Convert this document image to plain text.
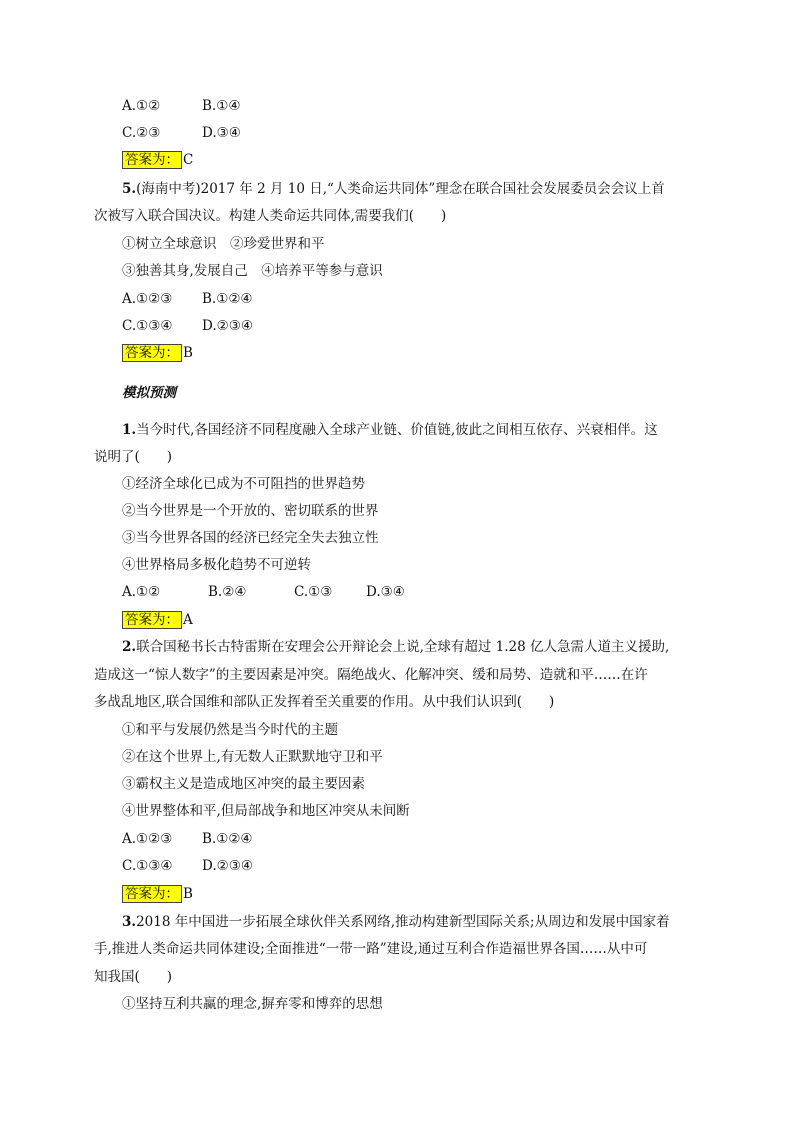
A.①②	B.①④
C.②③	D.③④
答案为： C
5.(海南中考)2017 年 2 月 10 日,“人类命运共同体”理念在联合国社会发展委员会会议上首
次被写入联合国决议。构建人类命运共同体,需要我们(　　)
①树立全球意识　②珍爱世界和平
③独善其身,发展自己　④培养平等参与意识
A.①②③ B.①②④
C.①③④ D.②③④
答案为： B
模拟预测
1.当今时代,各国经济不同程度融入全球产业链、价值链,彼此之间相互依存、兴衰相伴。这
说明了(　　)
①经济全球化已成为不可阻挡的世界趋势
②当今世界是一个开放的、密切联系的世界
③当今世界各国的经济已经完全失去独立性
④世界格局多极化趋势不可逆转
A.①②	B.②④	C.①③ D.③④
答案为： A
2.联合国秘书长古特雷斯在安理会公开辩论会上说,全球有超过 1.28 亿人急需人道主义援助,
造成这一“惊人数字”的主要因素是冲突。隔绝战火、化解冲突、缓和局势、造就和平……在许
多战乱地区,联合国维和部队正发挥着至关重要的作用。从中我们认识到(　　)
①和平与发展仍然是当今时代的主题
②在这个世界上,有无数人正默默地守卫和平
③霸权主义是造成地区冲突的最主要因素
④世界整体和平,但局部战争和地区冲突从未间断
A.①②③ B.①②④
C.①③④ D.②③④
答案为： B
3.2018 年中国进一步拓展全球伙伴关系网络,推动构建新型国际关系;从周边和发展中国家着
手,推进人类命运共同体建设;全面推进“一带一路”建设,通过互利合作造福世界各国……从中可
知我国(　　)
①坚持互利共赢的理念,摒弃零和博弈的思想
